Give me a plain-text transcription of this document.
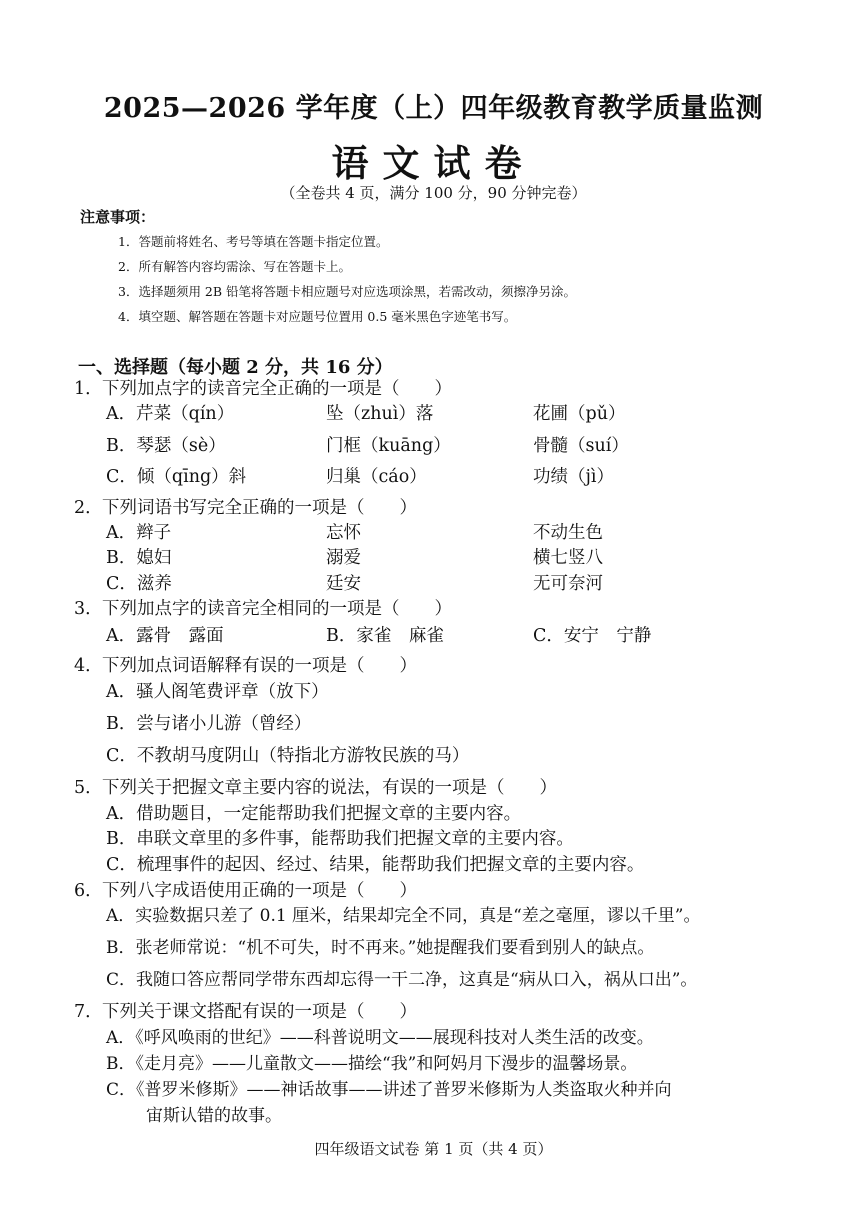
2025—2026 学年度（上）四年级教育教学质量监测
语文试卷
（全卷共 4 页，满分 100 分，90 分钟完卷）
注意事项：
1．答题前将姓名、考号等填在答题卡指定位置。
2．所有解答内容均需涂、写在答题卡上。
3．选择题须用 2B 铅笔将答题卡相应题号对应选项涂黑，若需改动，须擦净另涂。
4．填空题、解答题在答题卡对应题号位置用 0.5 毫米黑色字迹笔书写。
一、选择题（每小题 2 分，共 16 分）
1．下列加点字的读音完全正确的一项是（　　）
A．芹菜（qín）	坠（zhuì）落	花圃（pǔ）
B．琴瑟（sè）	门框（kuāng）	骨髓（suí）
C．倾（qīng）斜	归巢（cáo）	功绩（jì）
2．下列词语书写完全正确的一项是（　　）
A．辫子	忘怀	不动生色
B．媳妇	溺爱	横七竖八
C．滋养	廷安	无可奈河
3．下列加点字的读音完全相同的一项是（　　）
A．露骨　露面	B．家雀　麻雀	C．安宁　宁静
4．下列加点词语解释有误的一项是（　　）
A．骚人阁笔费评章（放下）
B．尝与诸小儿游（曾经）
C．不教胡马度阴山（特指北方游牧民族的马）
5．下列关于把握文章主要内容的说法，有误的一项是（　　）
A．借助题目，一定能帮助我们把握文章的主要内容。
B．串联文章里的多件事，能帮助我们把握文章的主要内容。
C．梳理事件的起因、经过、结果，能帮助我们把握文章的主要内容。
6．下列八字成语使用正确的一项是（　　）
A．实验数据只差了 0.1 厘米，结果却完全不同，真是“差之毫厘，谬以千里”。
B．张老师常说：“机不可失，时不再来。”她提醒我们要看到别人的缺点。
C．我随口答应帮同学带东西却忘得一干二净，这真是“病从口入，祸从口出”。
7．下列关于课文搭配有误的一项是（　　）
A．《呼风唤雨的世纪》——科普说明文——展现科技对人类生活的改变。
B．《走月亮》——儿童散文——描绘“我”和阿妈月下漫步的温馨场景。
C．《普罗米修斯》——神话故事——讲述了普罗米修斯为人类盗取火种并向
宙斯认错的故事。
四年级语文试卷 第 1 页（共 4 页）
